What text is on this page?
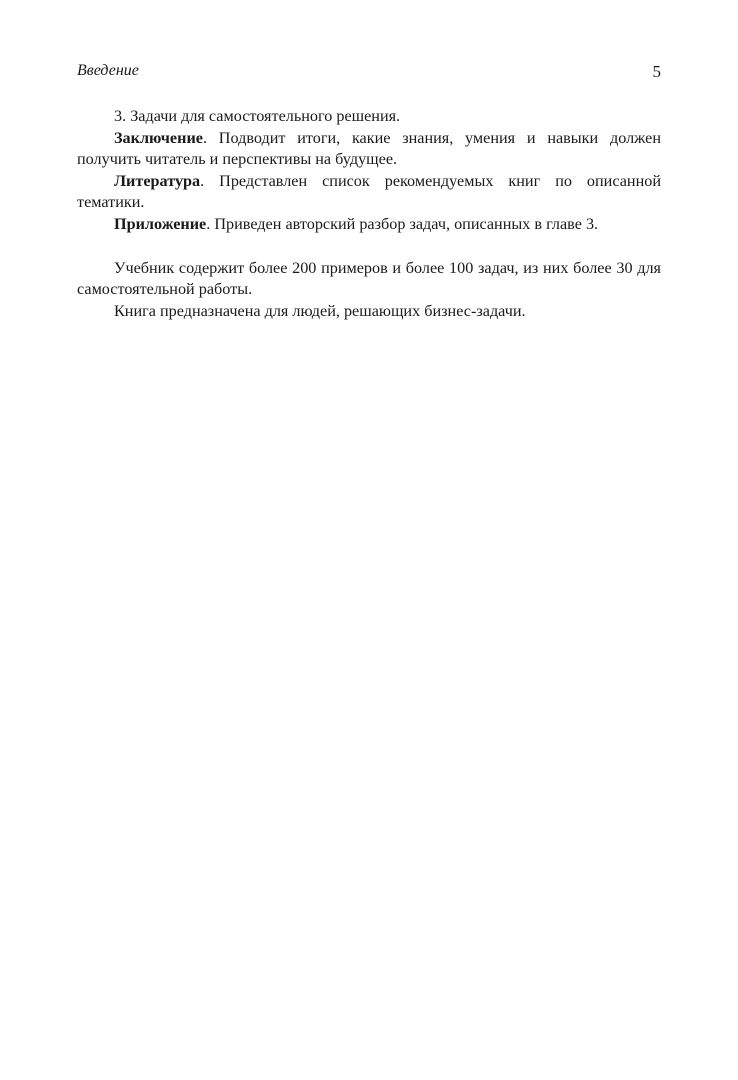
Введение	5

3. Задачи для самостоятельного решения.

Заключение. Подводит итоги, какие знания, умения и навыки должен получить читатель и перспективы на будущее.

Литература. Представлен список рекомендуемых книг по описанной тематики.

Приложение. Приведен авторский разбор задач, описанных в главе 3.

Учебник содержит более 200 примеров и более 100 задач, из них более 30 для самостоятельной работы.

Книга предназначена для людей, решающих бизнес-задачи.
